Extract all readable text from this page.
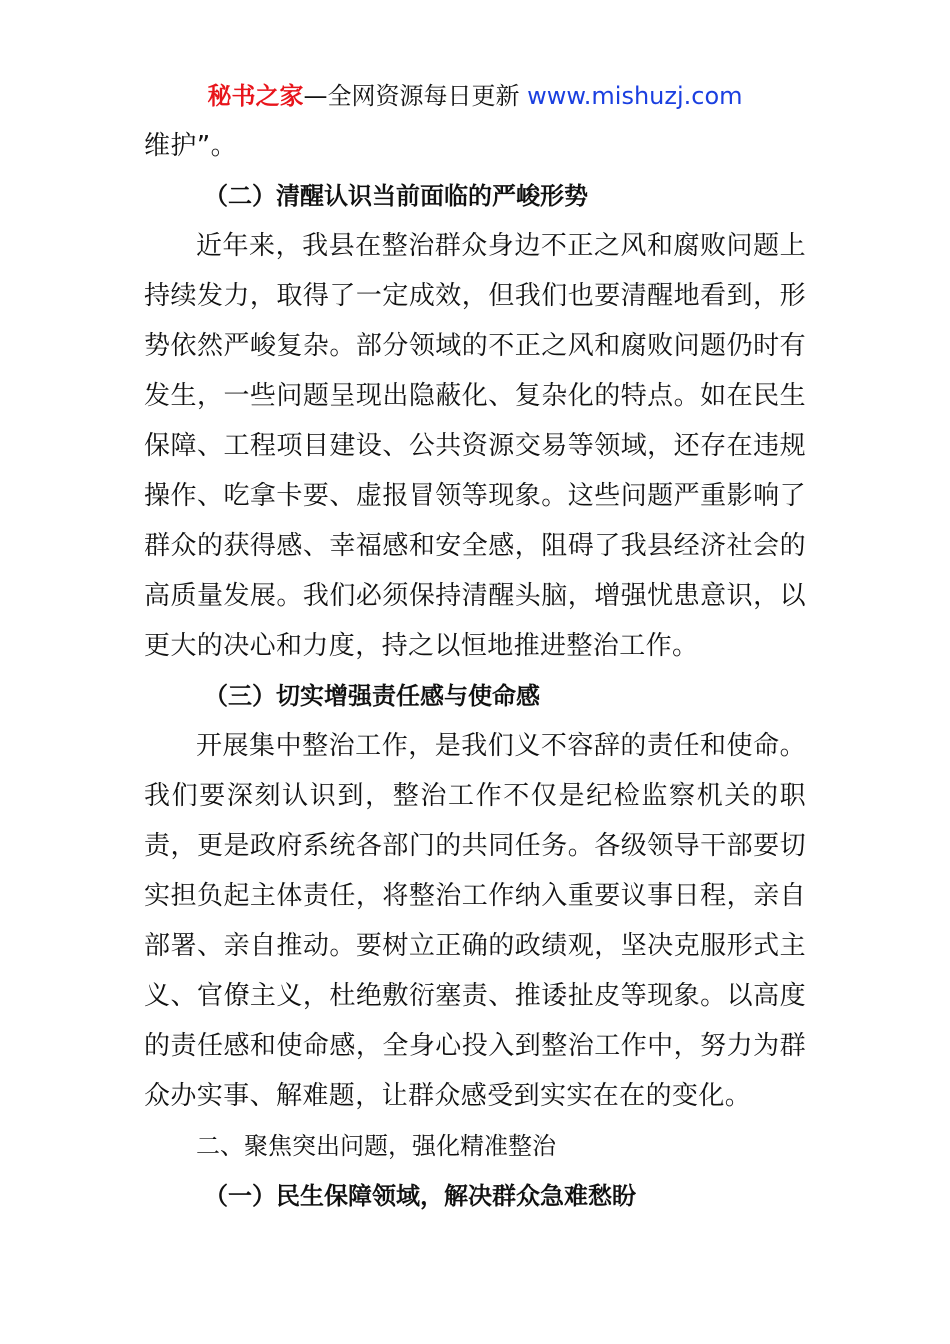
秘书之家—全网资源每日更新 www.mishuzj.com

维护”。

（二）清醒认识当前面临的严峻形势

近年来，我县在整治群众身边不正之风和腐败问题上持续发力，取得了一定成效，但我们也要清醒地看到，形势依然严峻复杂。部分领域的不正之风和腐败问题仍时有发生，一些问题呈现出隐蔽化、复杂化的特点。如在民生保障、工程项目建设、公共资源交易等领域，还存在违规操作、吃拿卡要、虚报冒领等现象。这些问题严重影响了群众的获得感、幸福感和安全感，阻碍了我县经济社会的高质量发展。我们必须保持清醒头脑，增强忧患意识，以更大的决心和力度，持之以恒地推进整治工作。

（三）切实增强责任感与使命感

开展集中整治工作，是我们义不容辞的责任和使命。我们要深刻认识到，整治工作不仅是纪检监察机关的职责，更是政府系统各部门的共同任务。各级领导干部要切实担负起主体责任，将整治工作纳入重要议事日程，亲自部署、亲自推动。要树立正确的政绩观，坚决克服形式主义、官僚主义，杜绝敷衍塞责、推诿扯皮等现象。以高度的责任感和使命感，全身心投入到整治工作中，努力为群众办实事、解难题，让群众感受到实实在在的变化。

二、聚焦突出问题，强化精准整治

（一）民生保障领域，解决群众急难愁盼
